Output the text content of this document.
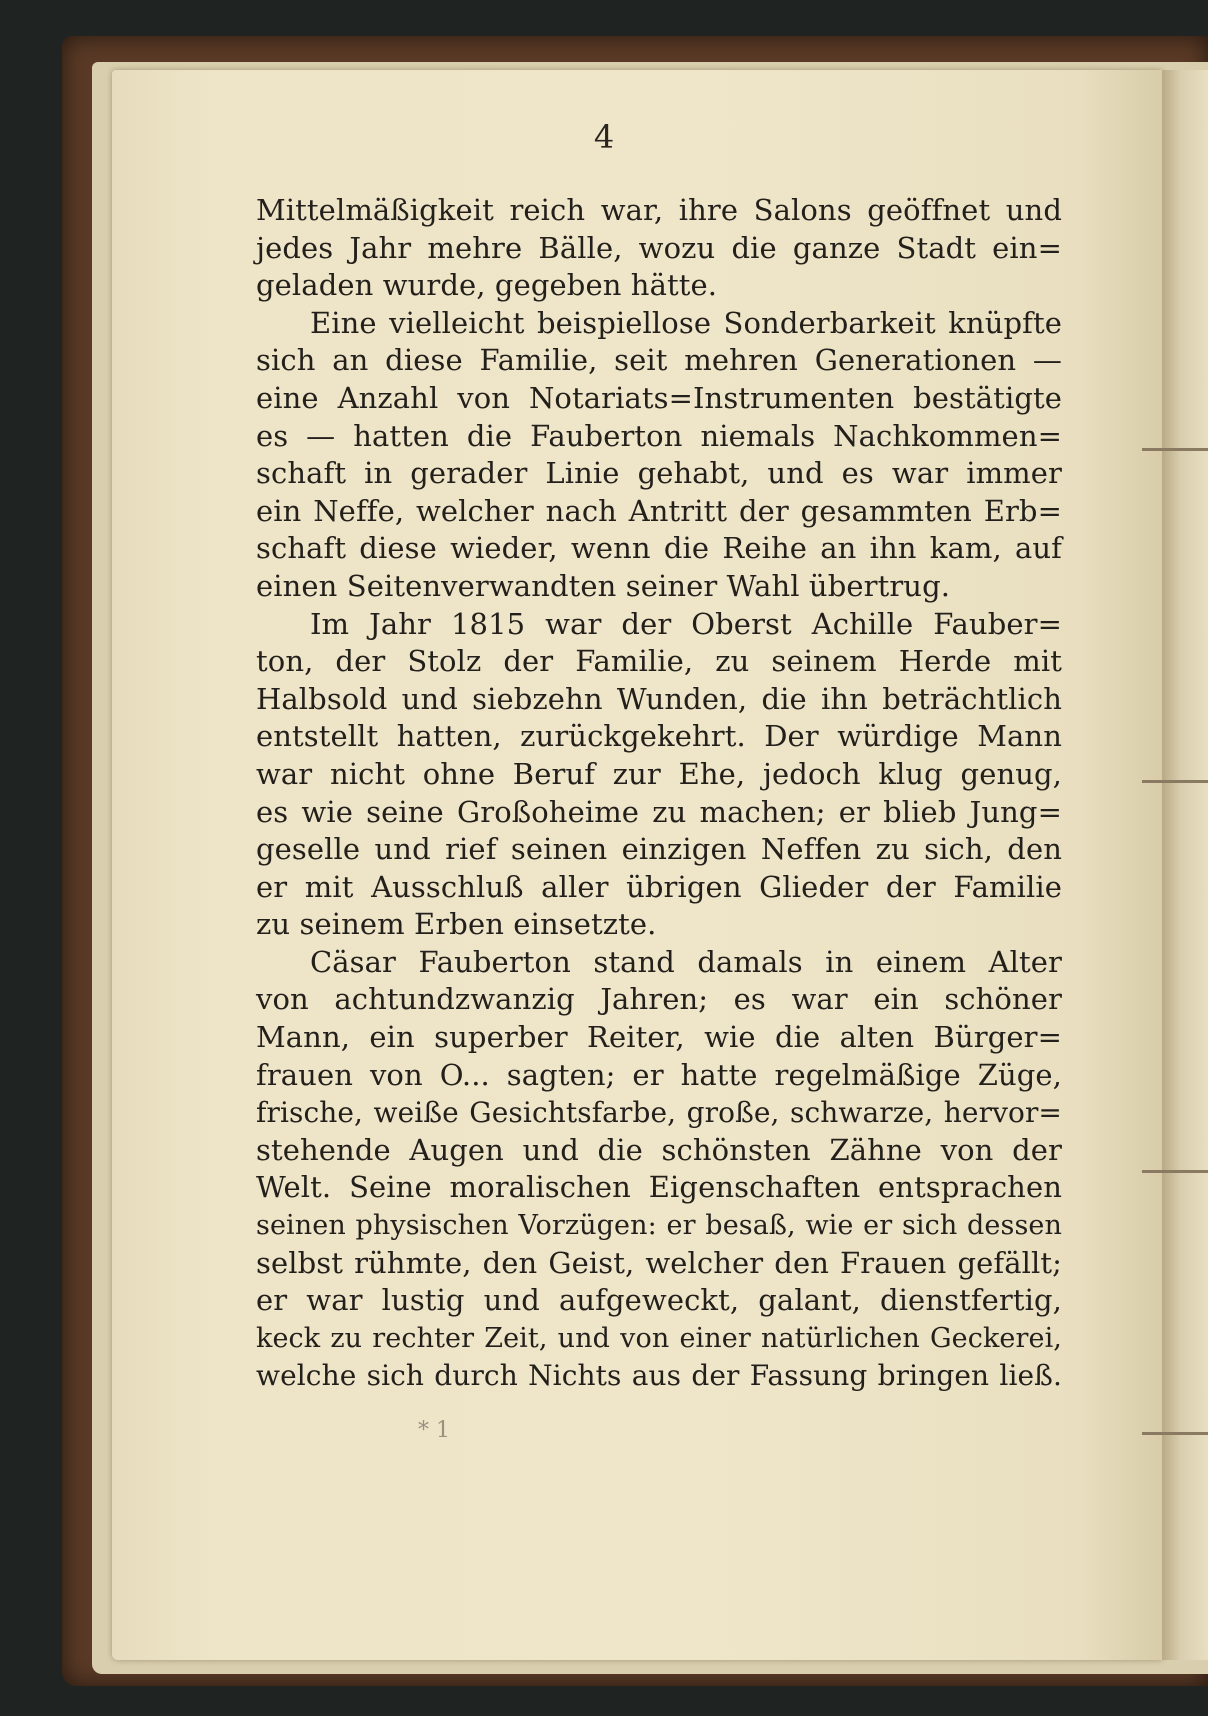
4
Mittelmäßigkeit reich war, ihre Salons geöffnet und
jedes Jahr mehre Bälle, wozu die ganze Stadt ein=
geladen wurde, gegeben hätte.
Eine vielleicht beispiellose Sonderbarkeit knüpfte
sich an diese Familie, seit mehren Generationen —
eine Anzahl von Notariats=Instrumenten bestätigte
es — hatten die Fauberton niemals Nachkommen=
schaft in gerader Linie gehabt, und es war immer
ein Neffe, welcher nach Antritt der gesammten Erb=
schaft diese wieder, wenn die Reihe an ihn kam, auf
einen Seitenverwandten seiner Wahl übertrug.
Im Jahr 1815 war der Oberst Achille Fauber=
ton, der Stolz der Familie, zu seinem Herde mit
Halbsold und siebzehn Wunden, die ihn beträchtlich
entstellt hatten, zurückgekehrt. Der würdige Mann
war nicht ohne Beruf zur Ehe, jedoch klug genug,
es wie seine Großoheime zu machen; er blieb Jung=
geselle und rief seinen einzigen Neffen zu sich, den
er mit Ausschluß aller übrigen Glieder der Familie
zu seinem Erben einsetzte.
Cäsar Fauberton stand damals in einem Alter
von achtundzwanzig Jahren; es war ein schöner
Mann, ein superber Reiter, wie die alten Bürger=
frauen von O... sagten; er hatte regelmäßige Züge,
frische, weiße Gesichtsfarbe, große, schwarze, hervor=
stehende Augen und die schönsten Zähne von der
Welt. Seine moralischen Eigenschaften entsprachen
seinen physischen Vorzügen: er besaß, wie er sich dessen
selbst rühmte, den Geist, welcher den Frauen gefällt;
er war lustig und aufgeweckt, galant, dienstfertig,
keck zu rechter Zeit, und von einer natürlichen Geckerei,
welche sich durch Nichts aus der Fassung bringen ließ.
* 1
